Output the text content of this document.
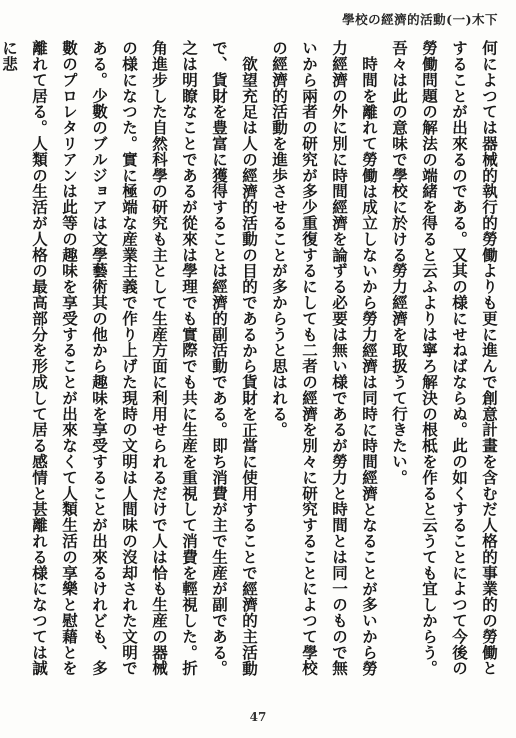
學校の經濟的活動(一)木下

何によつては器械的執行的勞働よりも更に進んで創意計畫を含むだ人格的事業的の勞働とすることが出來るのである。又其の様にせねばならぬ。此の如くすることによつて今後の勞働問題の解法の端緒を得ると云ふよりは寧ろ解決の根柢を作ると云うても宜しからう。吾々は此の意味で學校に於ける勞力經濟を取扱うて行きたい。

時間を離れて勞働は成立しないから勞力經濟は同時に時間經濟となることが多いから勞力經濟の外に別に時間經濟を論ずる必要は無い様であるが勞力と時間とは同一のもので無いから兩者の研究が多少重復するにしても二者の經濟を別々に研究することによつて學校の經濟的活動を進歩させることが多からうと思はれる。

欲望充足は人の經濟的活動の目的であるから貨財を正當に使用することで經濟的主活動で、貨財を豊富に獲得することは經濟的副活動である。即ち消費が主で生産が副である。之は明瞭なことであるが從來は學理でも實際でも共に生産を重視して消費を輕視した。折角進步した自然科學の研究も主として生産方面に利用せられるだけで人は恰も生産の器械の様になつた。實に極端な産業主義で作り上げた現時の文明は人間味の沒却された文明である。少數のブルジョアは文學藝術其の他から趣味を享受することが出來るけれども、多數のプロレタリアンは此等の趣味を享受することが出來なくて人類生活の享樂と慰藉とを離れて居る。人類の生活が人格の最高部分を形成して居る感情と甚離れる様になつては誠に悲

47
